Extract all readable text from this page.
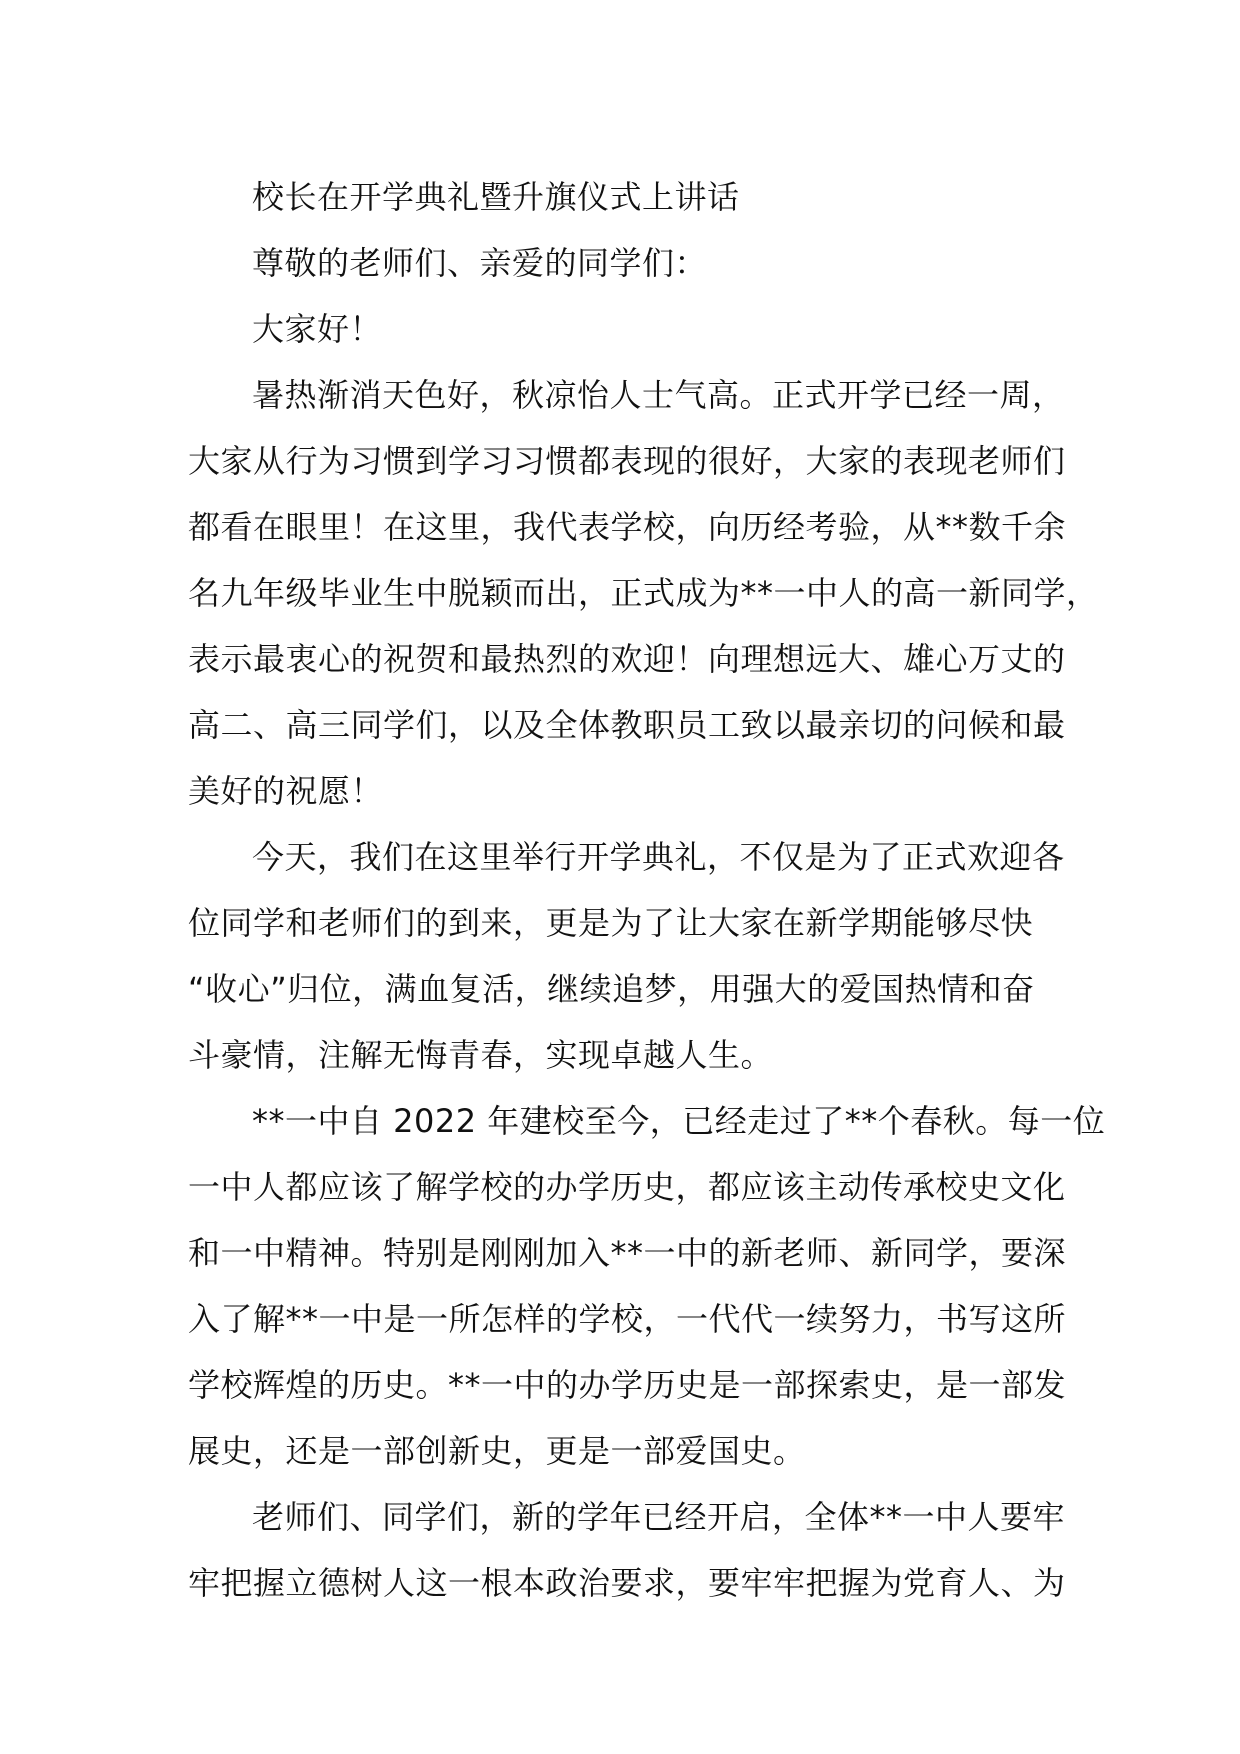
校长在开学典礼暨升旗仪式上讲话
尊敬的老师们、亲爱的同学们：
大家好！
暑热渐消天色好，秋凉怡人士气高。正式开学已经一周，
大家从行为习惯到学习习惯都表现的很好，大家的表现老师们
都看在眼里！在这里，我代表学校，向历经考验，从**数千余
名九年级毕业生中脱颖而出，正式成为**一中人的高一新同学，
表示最衷心的祝贺和最热烈的欢迎！向理想远大、雄心万丈的
高二、高三同学们，以及全体教职员工致以最亲切的问候和最
美好的祝愿！
今天，我们在这里举行开学典礼，不仅是为了正式欢迎各
位同学和老师们的到来，更是为了让大家在新学期能够尽快
“收心”归位，满血复活，继续追梦，用强大的爱国热情和奋
斗豪情，注解无悔青春，实现卓越人生。
**一中自 2022 年建校至今，已经走过了**个春秋。每一位
一中人都应该了解学校的办学历史，都应该主动传承校史文化
和一中精神。特别是刚刚加入**一中的新老师、新同学，要深
入了解**一中是一所怎样的学校，一代代一续努力，书写这所
学校辉煌的历史。**一中的办学历史是一部探索史，是一部发
展史，还是一部创新史，更是一部爱国史。
老师们、同学们，新的学年已经开启，全体**一中人要牢
牢把握立德树人这一根本政治要求，要牢牢把握为党育人、为
